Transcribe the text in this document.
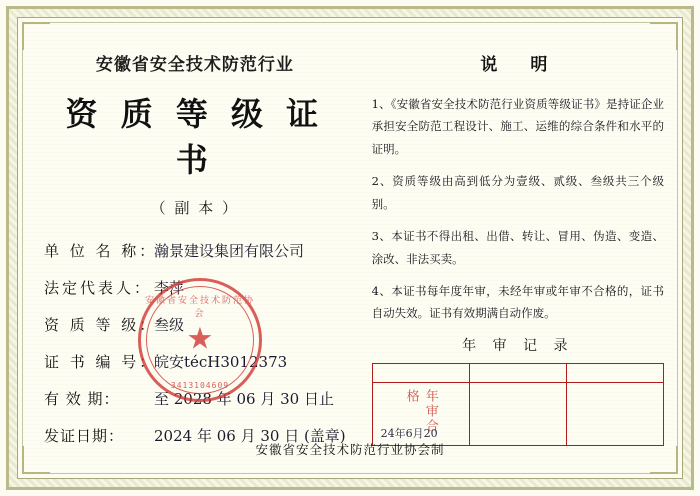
安徽省安全技术防范行业
资 质 等 级 证 书
（ 副 本 ）
单 位 名 称：
瀚景建设集团有限公司
法定代表人： 李萍
资 质 等 级：
叁级
证 书 编 号：
皖安técH3012373
有 效 期：	至 2028 年 06 月 30 日止
发证日期：	2024 年 06 月 30 日 (盖章)
说　明
1、《安徽省安全技术防范行业资质等级证书》是持证企业承担安全防范工程设计、施工、运维的综合条件和水平的证明。
2、资质等级由高到低分为壹级、贰级、叁级共三个级别。
3、本证书不得出租、出借、转让、冒用、伪造、变造、涂改、非法买卖。
4、本证书每年度年审，未经年审或年审不合格的，证书自动失效。证书有效期满自动作废。
年 审 记 录

年审合格
24年6月20		

安徽省安全技术防范行业协会制
安徽省安全技术防范协会
★
3413104609
